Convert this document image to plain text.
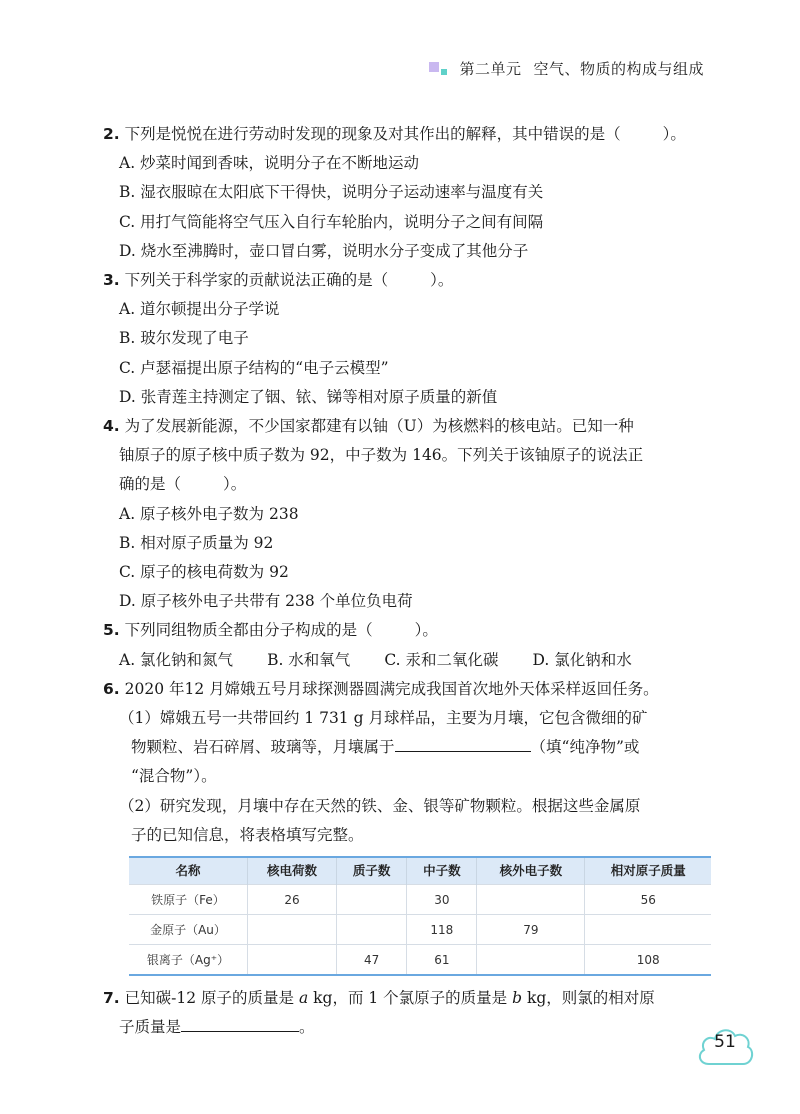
第二单元 空气、物质的构成与组成
2. 下列是悦悦在进行劳动时发现的现象及对其作出的解释，其中错误的是（	）。
A. 炒菜时闻到香味，说明分子在不断地运动
B. 湿衣服晾在太阳底下干得快，说明分子运动速率与温度有关
C. 用打气筒能将空气压入自行车轮胎内，说明分子之间有间隔
D. 烧水至沸腾时，壶口冒白雾，说明水分子变成了其他分子
3. 下列关于科学家的贡献说法正确的是（	）。
A. 道尔顿提出分子学说
B. 玻尔发现了电子
C. 卢瑟福提出原子结构的“电子云模型”
D. 张青莲主持测定了铟、铱、锑等相对原子质量的新值
4. 为了发展新能源，不少国家都建有以铀（U）为核燃料的核电站。已知一种
铀原子的原子核中质子数为 92，中子数为 146。下列关于该铀原子的说法正
确的是（	）。
A. 原子核外电子数为 238
B. 相对原子质量为 92
C. 原子的核电荷数为 92
D. 原子核外电子共带有 238 个单位负电荷
5. 下列同组物质全都由分子构成的是（	）。
A. 氯化钠和氮气 B. 水和氧气 C. 汞和二氧化碳 D. 氯化钠和水
6. 2020 年12 月嫦娥五号月球探测器圆满完成我国首次地外天体采样返回任务。
（1）嫦娥五号一共带回约 1 731 g 月球样品，主要为月壤，它包含微细的矿
物颗粒、岩石碎屑、玻璃等，月壤属于	（填“纯净物”或
“混合物”）。
（2）研究发现，月壤中存在天然的铁、金、银等矿物颗粒。根据这些金属原
子的已知信息，将表格填写完整。
名称	核电荷数	质子数	中子数	核外电子数	相对原子质量
铁原子（Fe）	26		30		56
金原子（Au）			118	79	
银离子（Ag⁺）		47	61		108
7. 已知碳-12 原子的质量是 a kg，而 1 个氯原子的质量是 b kg，则氯的相对原
子质量是	。
51
